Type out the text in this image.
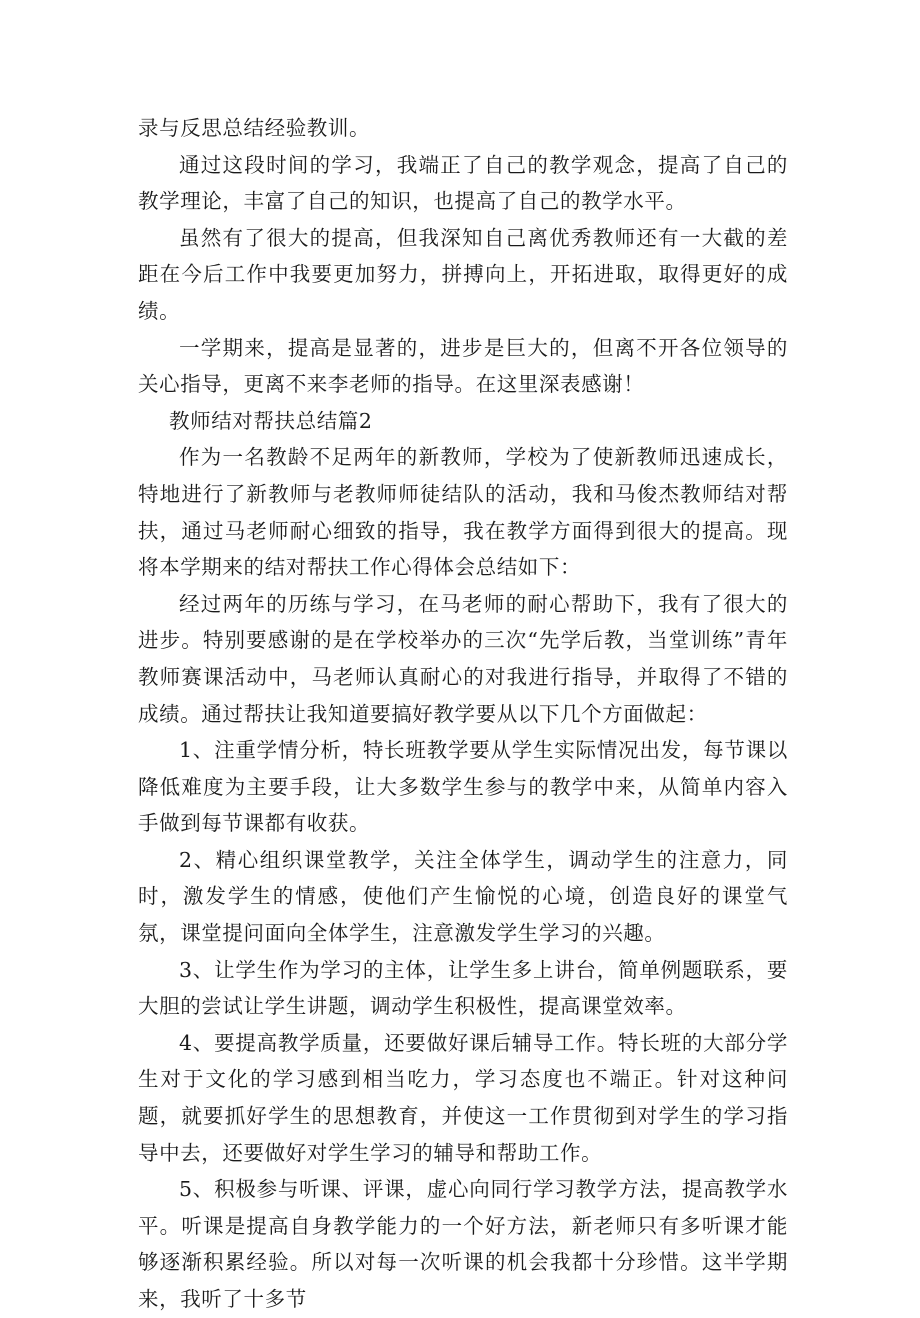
录与反思总结经验教训。

通过这段时间的学习，我端正了自己的教学观念，提高了自己的教学理论，丰富了自己的知识，也提高了自己的教学水平。

虽然有了很大的提高，但我深知自己离优秀教师还有一大截的差距在今后工作中我要更加努力，拼搏向上，开拓进取，取得更好的成绩。

一学期来，提高是显著的，进步是巨大的，但离不开各位领导的关心指导，更离不来李老师的指导。在这里深表感谢！

教师结对帮扶总结篇2

作为一名教龄不足两年的新教师，学校为了使新教师迅速成长，特地进行了新教师与老教师师徒结队的活动，我和马俊杰教师结对帮扶，通过马老师耐心细致的指导，我在教学方面得到很大的提高。现将本学期来的结对帮扶工作心得体会总结如下：

经过两年的历练与学习，在马老师的耐心帮助下，我有了很大的进步。特别要感谢的是在学校举办的三次“先学后教，当堂训练”青年教师赛课活动中，马老师认真耐心的对我进行指导，并取得了不错的成绩。通过帮扶让我知道要搞好教学要从以下几个方面做起：

1、注重学情分析，特长班教学要从学生实际情况出发，每节课以降低难度为主要手段，让大多数学生参与的教学中来，从简单内容入手做到每节课都有收获。

2、精心组织课堂教学，关注全体学生，调动学生的注意力，同时，激发学生的情感，使他们产生愉悦的心境，创造良好的课堂气氛，课堂提问面向全体学生，注意激发学生学习的兴趣。

3、让学生作为学习的主体，让学生多上讲台，简单例题联系，要大胆的尝试让学生讲题，调动学生积极性，提高课堂效率。

4、要提高教学质量，还要做好课后辅导工作。特长班的大部分学生对于文化的学习感到相当吃力，学习态度也不端正。针对这种问题，就要抓好学生的思想教育，并使这一工作贯彻到对学生的学习指导中去，还要做好对学生学习的辅导和帮助工作。

5、积极参与听课、评课，虚心向同行学习教学方法，提高教学水平。听课是提高自身教学能力的一个好方法，新老师只有多听课才能够逐渐积累经验。所以对每一次听课的机会我都十分珍惜。这半学期来，我听了十多节
